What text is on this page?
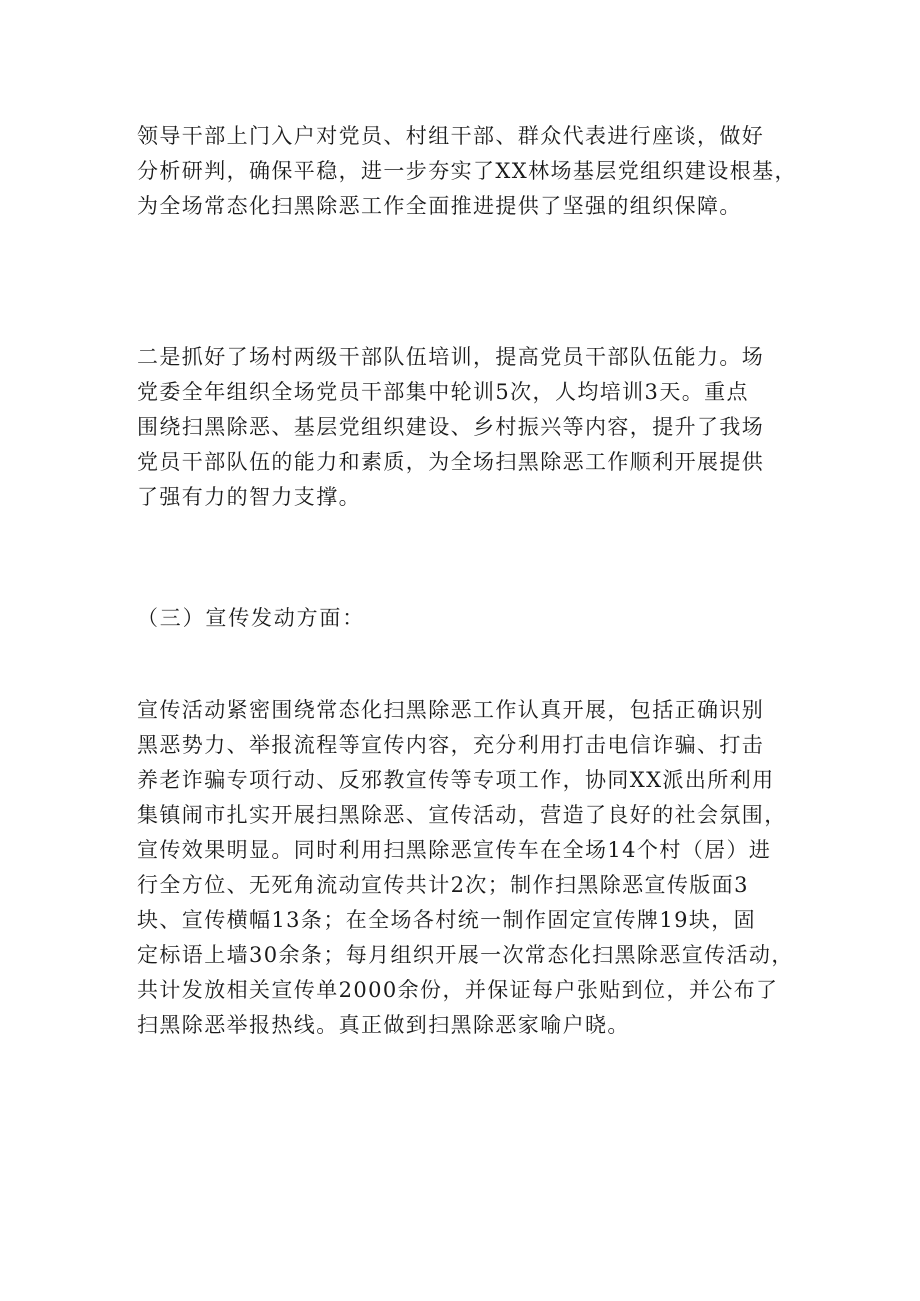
领导干部上门入户对党员、村组干部、群众代表进行座谈，做好
分析研判，确保平稳，进一步夯实了XX林场基层党组织建设根基，
为全场常态化扫黑除恶工作全面推进提供了坚强的组织保障。
二是抓好了场村两级干部队伍培训，提高党员干部队伍能力。场
党委全年组织全场党员干部集中轮训5次，人均培训3天。重点
围绕扫黑除恶、基层党组织建设、乡村振兴等内容，提升了我场
党员干部队伍的能力和素质，为全场扫黑除恶工作顺利开展提供
了强有力的智力支撑。
（三）宣传发动方面：
宣传活动紧密围绕常态化扫黑除恶工作认真开展，包括正确识别
黑恶势力、举报流程等宣传内容，充分利用打击电信诈骗、打击
养老诈骗专项行动、反邪教宣传等专项工作，协同XX派出所利用
集镇闹市扎实开展扫黑除恶、宣传活动，营造了良好的社会氛围，
宣传效果明显。同时利用扫黑除恶宣传车在全场14个村（居）进
行全方位、无死角流动宣传共计2次；制作扫黑除恶宣传版面3
块、宣传横幅13条；在全场各村统一制作固定宣传牌19块，固
定标语上墙30余条；每月组织开展一次常态化扫黑除恶宣传活动，
共计发放相关宣传单2000余份，并保证每户张贴到位，并公布了
扫黑除恶举报热线。真正做到扫黑除恶家喻户晓。
